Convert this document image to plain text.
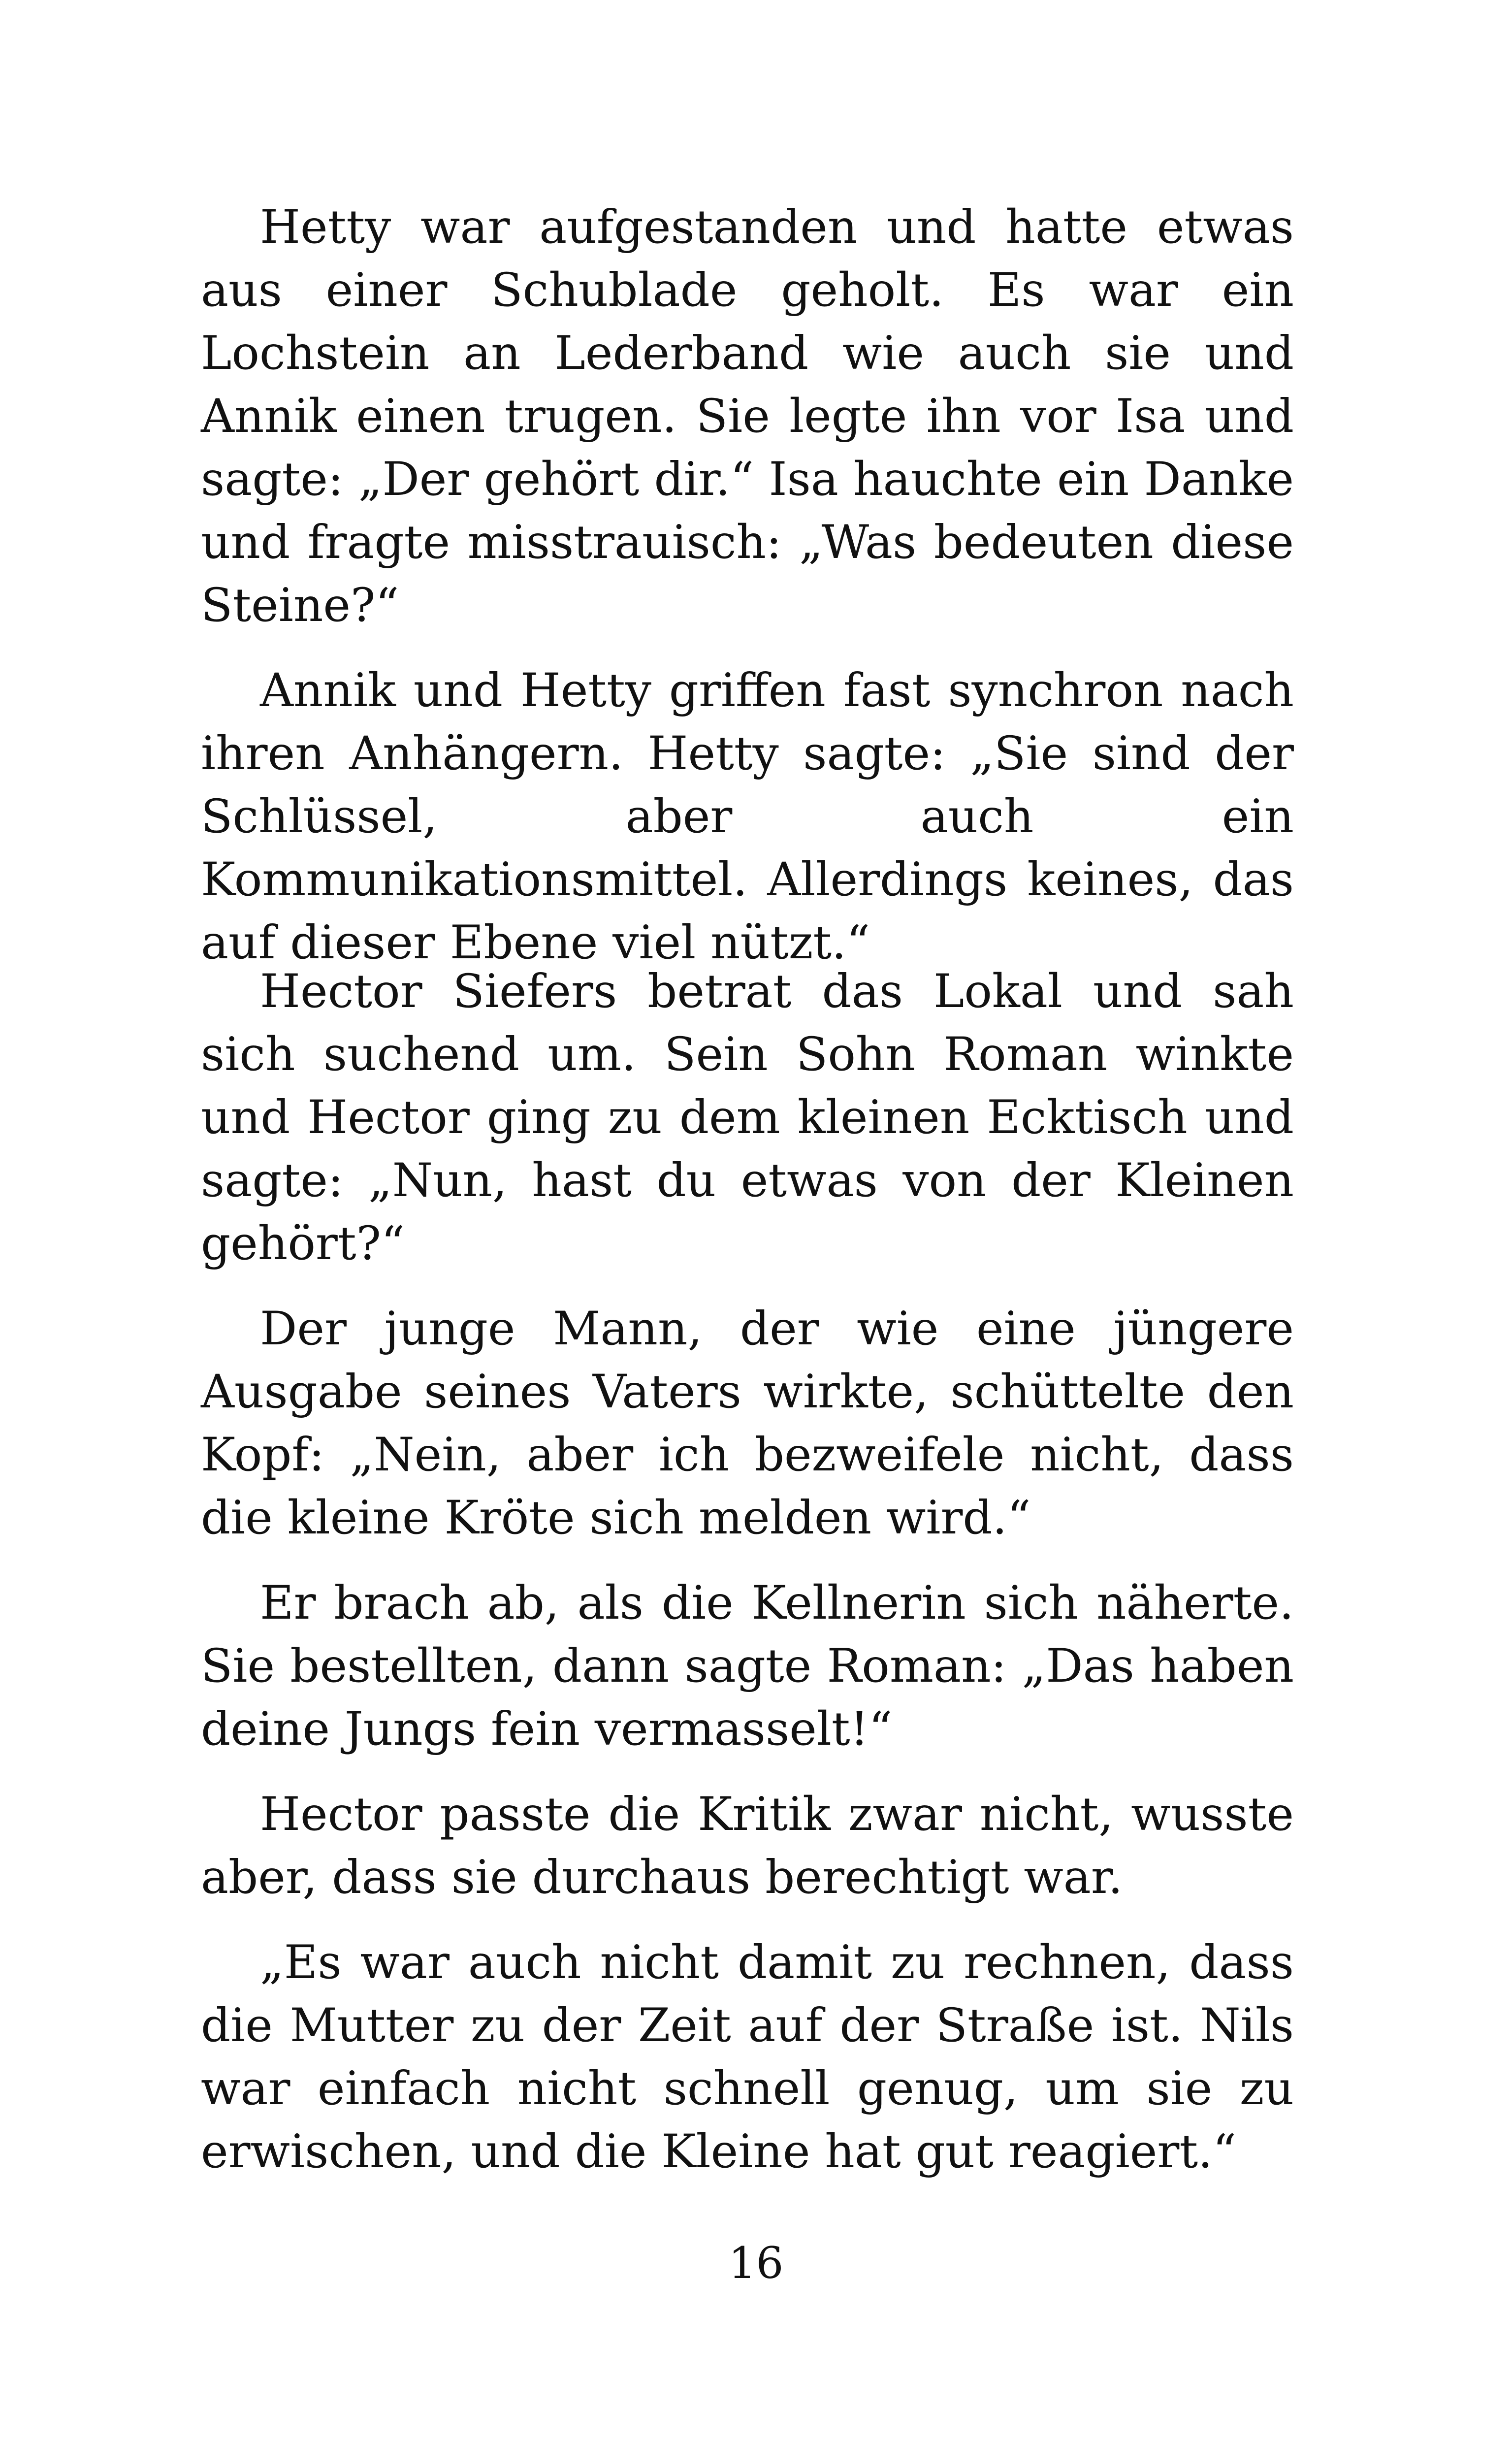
Hetty war aufgestanden und hatte etwas aus einer Schublade geholt. Es war ein Lochstein an Lederband wie auch sie und Annik einen trugen. Sie legte ihn vor Isa und sagte: „Der gehört dir.“ Isa hauchte ein Danke und fragte misstrauisch: „Was bedeuten diese Steine?“

Annik und Hetty griffen fast synchron nach ihren Anhängern. Hetty sagte: „Sie sind der Schlüssel, aber auch ein Kommunikationsmittel. Allerdings keines, das auf dieser Ebene viel nützt.“

Hector Siefers betrat das Lokal und sah sich suchend um. Sein Sohn Roman winkte und Hector ging zu dem kleinen Ecktisch und sagte: „Nun, hast du etwas von der Kleinen gehört?“

Der junge Mann, der wie eine jüngere Ausgabe seines Vaters wirkte, schüttelte den Kopf: „Nein, aber ich bezweifele nicht, dass die kleine Kröte sich melden wird.“

Er brach ab, als die Kellnerin sich näherte. Sie bestellten, dann sagte Roman: „Das haben deine Jungs fein vermasselt!“

Hector passte die Kritik zwar nicht, wusste aber, dass sie durchaus berechtigt war.

„Es war auch nicht damit zu rechnen, dass die Mutter zu der Zeit auf der Straße ist. Nils war einfach nicht schnell genug, um sie zu erwischen, und die Kleine hat gut reagiert.“

16
